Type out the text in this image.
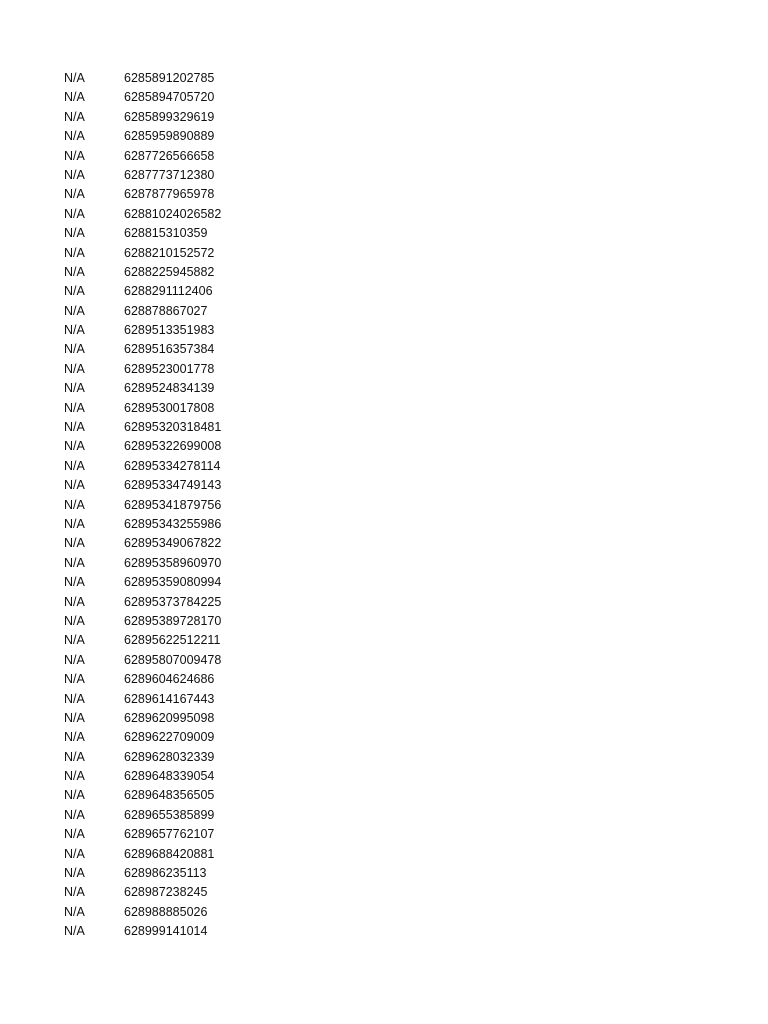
N/A	6285891202785
N/A	6285894705720
N/A	6285899329619
N/A	6285959890889
N/A	6287726566658
N/A	6287773712380
N/A	6287877965978
N/A	62881024026582
N/A	628815310359
N/A	6288210152572
N/A	6288225945882
N/A	6288291112406
N/A	628878867027
N/A	6289513351983
N/A	6289516357384
N/A	6289523001778
N/A	6289524834139
N/A	6289530017808
N/A	62895320318481
N/A	62895322699008
N/A	62895334278114
N/A	62895334749143
N/A	62895341879756
N/A	62895343255986
N/A	62895349067822
N/A	62895358960970
N/A	62895359080994
N/A	62895373784225
N/A	62895389728170
N/A	62895622512211
N/A	62895807009478
N/A	6289604624686
N/A	6289614167443
N/A	6289620995098
N/A	6289622709009
N/A	6289628032339
N/A	6289648339054
N/A	6289648356505
N/A	6289655385899
N/A	6289657762107
N/A	6289688420881
N/A	628986235113
N/A	628987238245
N/A	628988885026
N/A	628999141014
